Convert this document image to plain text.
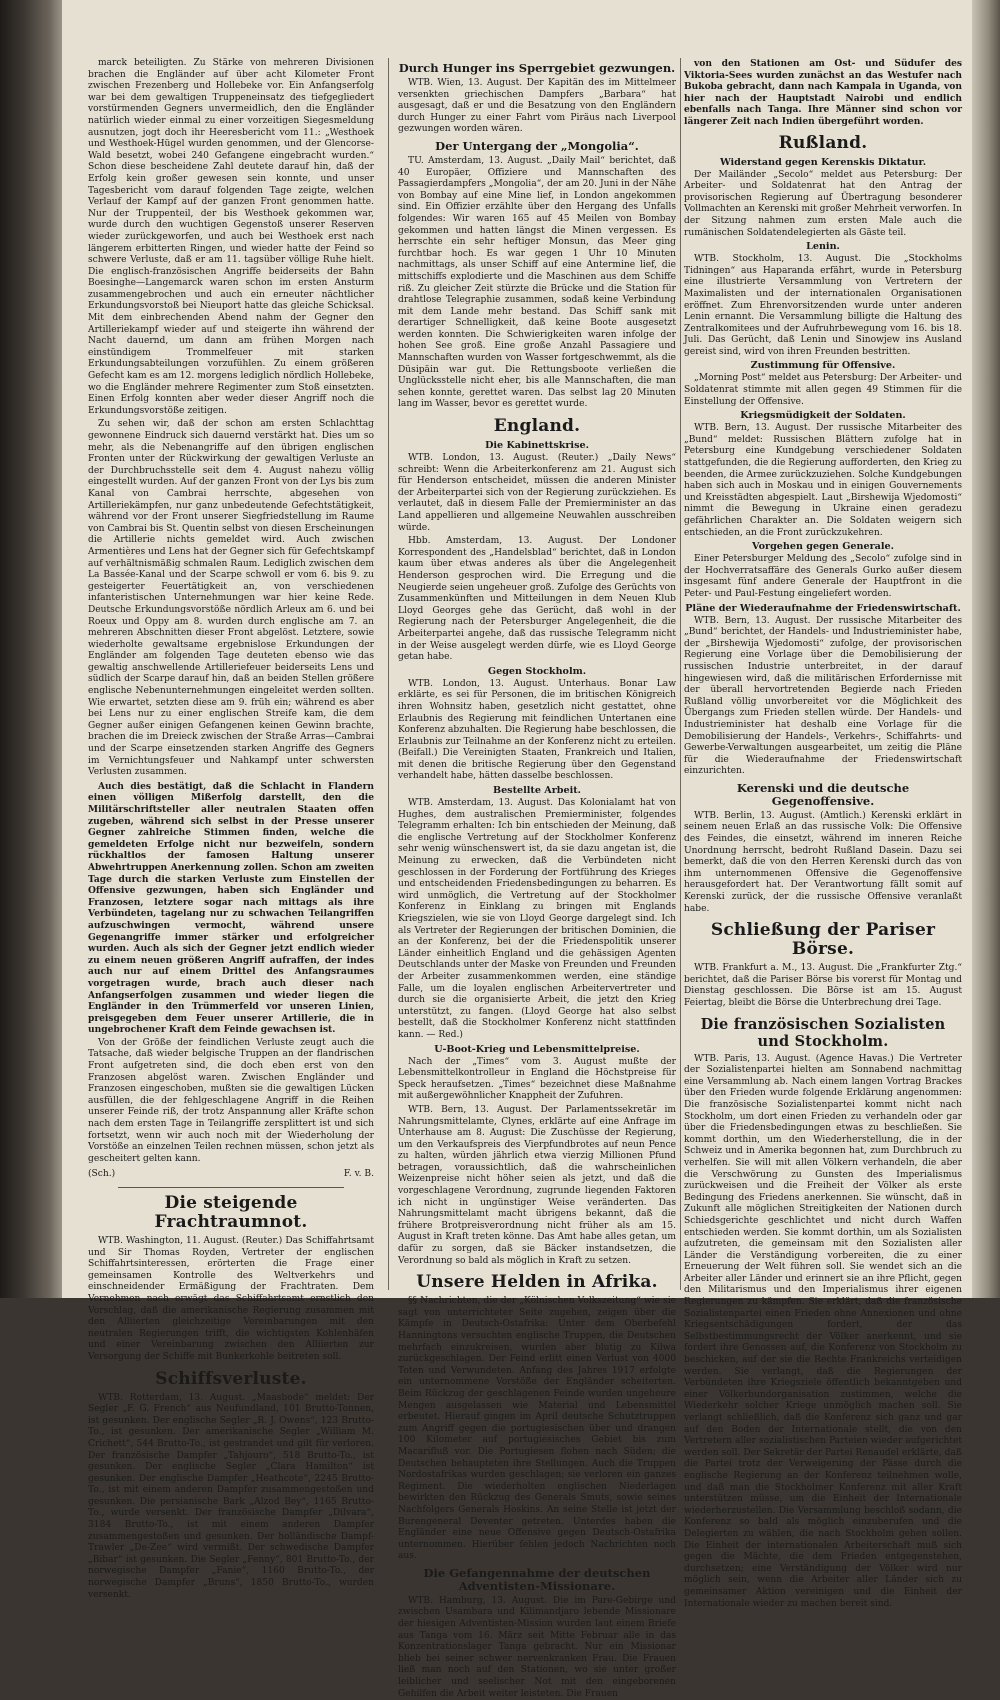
marck beteiligten. Zu Stärke von mehreren Divisionen brachen die Engländer auf über acht Kilometer Front zwischen Frezenberg und Hollebeke vor. Ein Anfangserfolg war bei dem gewaltigen Truppeneinsatz des tiefgegliedert vorstürmenden Gegners unvermeidlich, den die Engländer natürlich wieder einmal zu einer vorzeitigen Siegesmeldung ausnutzen, jogt doch ihr Heeresbericht vom 11.: „Westhoek und Westhoek-Hügel wurden genommen, und der Glencorse-Wald besetzt, wobei 240 Gefangene eingebracht wurden.“ Schon diese bescheidene Zahl deutete darauf hin, daß der Erfolg kein großer gewesen sein konnte, und unser Tagesbericht vom darauf folgenden Tage zeigte, welchen Verlauf der Kampf auf der ganzen Front genommen hatte. Nur der Truppenteil, der bis Westhoek gekommen war, wurde durch den wuchtigen Gegenstoß unserer Reserven wieder zurückgeworfen, und auch bei Westhoek erst nach längerem erbitterten Ringen, und wieder hatte der Feind so schwere Verluste, daß er am 11. tagsüber völlige Ruhe hielt. Die englisch-französischen Angriffe beiderseits der Bahn Boesinghe—Langemarck waren schon im ersten Ansturm zusammengebrochen und auch ein erneuter nächtlicher Erkundungsvorstoß bei Nieuport hatte das gleiche Schicksal. Mit dem einbrechenden Abend nahm der Gegner den Artilleriekampf wieder auf und steigerte ihn während der Nacht dauernd, um dann am frühen Morgen nach einstündigem Trommelfeuer mit starken Erkundungsabteilungen vorzufühlen. Zu einem größeren Gefecht kam es am 12. morgens lediglich nördlich Hollebeke, wo die Engländer mehrere Regimenter zum Stoß einsetzten. Einen Erfolg konnten aber weder dieser Angriff noch die Erkundungsvorstöße zeitigen.

Zu sehen wir, daß der schon am ersten Schlachttag gewonnene Eindruck sich dauernd verstärkt hat. Dies um so mehr, als die Nebenangriffe auf den übrigen englischen Fronten unter der Rückwirkung der gewaltigen Verluste an der Durchbruchsstelle seit dem 4. August nahezu völlig eingestellt wurden. Auf der ganzen Front von der Lys bis zum Kanal von Cambrai herrschte, abgesehen von Artilleriekämpfen, nur ganz unbedeutende Gefechtstätigkeit, während vor der Front unserer Siegfriedstellung im Raume von Cambrai bis St. Quentin selbst von diesen Erscheinungen die Artillerie nichts gemeldet wird. Auch zwischen Armentières und Lens hat der Gegner sich für Gefechtskampf auf verhältnismäßig schmalen Raum. Lediglich zwischen dem La Bassée-Kanal und der Scarpe schwoll er vom 6. bis 9. zu gesteigerter Feuertätigkeit an, von verschiedenen infanteristischen Unternehmungen war hier keine Rede. Deutsche Erkundungsvorstöße nördlich Arleux am 6. und bei Roeux und Oppy am 8. wurden durch englische am 7. an mehreren Abschnitten dieser Front abgelöst. Letztere, sowie wiederholte gewaltsame ergebnislose Erkundungen der Engländer am folgenden Tage deuteten ebenso wie das gewaltig anschwellende Artilleriefeuer beiderseits Lens und südlich der Scarpe darauf hin, daß an beiden Stellen größere englische Nebenunternehmungen eingeleitet werden sollten. Wie erwartet, setzten diese am 9. früh ein; während es aber bei Lens nur zu einer englischen Streife kam, die dem Gegner außer einigen Gefangenen keinen Gewinn brachte, brachen die im Dreieck zwischen der Straße Arras—Cambrai und der Scarpe einsetzenden starken Angriffe des Gegners im Vernichtungsfeuer und Nahkampf unter schwersten Verlusten zusammen.

Auch dies bestätigt, daß die Schlacht in Flandern einen völligen Mißerfolg darstellt, den die Militärschriftsteller aller neutralen Staaten offen zugeben, während sich selbst in der Presse unserer Gegner zahlreiche Stimmen finden, welche die gemeldeten Erfolge nicht nur bezweifeln, sondern rückhaltlos der famosen Haltung unserer Abwehrtruppen Anerkennung zollen. Schon am zweiten Tage durch die starken Verluste zum Einstellen der Offensive gezwungen, haben sich Engländer und Franzosen, letztere sogar nach mittags als ihre Verbündeten, tagelang nur zu schwachen Teilangriffen aufzuschwingen vermocht, während unsere Gegenangriffe immer stärker und erfolgreicher wurden. Auch als sich der Gegner jetzt endlich wieder zu einem neuen größeren Angriff aufraffen, der indes auch nur auf einem Drittel des Anfangsraumes vorgetragen wurde, brach auch dieser nach Anfangserfolgen zusammen und wieder liegen die Engländer in den Trümmerfeld vor unseren Linien, preisgegeben dem Feuer unserer Artillerie, die in ungebrochener Kraft dem Feinde gewachsen ist.

Von der Größe der feindlichen Verluste zeugt auch die Tatsache, daß wieder belgische Truppen an der flandrischen Front aufgetreten sind, die doch eben erst von den Franzosen abgelöst waren. Zwischen Engländer und Franzosen eingeschoben, mußten sie die gewaltigen Lücken ausfüllen, die der fehlgeschlagene Angriff in die Reihen unserer Feinde riß, der trotz Anspannung aller Kräfte schon nach dem ersten Tage in Teilangriffe zersplittert ist und sich fortsetzt, wenn wir auch noch mit der Wiederholung der Vorstöße an einzelnen Teilen rechnen müssen, schon jetzt als gescheitert gelten kann.

(Sch.)	F. v. B.
Die steigende Frachtraumnot.

WTB. Washington, 11. August. (Reuter.) Das Schiffahrtsamt und Sir Thomas Royden, Vertreter der englischen Schiffahrtsinteressen, erörterten die Frage einer gemeinsamen Kontrolle des Weltverkehrs und einschneidender Ermäßigung der Frachtraten. Dem Vernehmen nach erwägt das Schiffahrtsamt ernstlich den Vorschlag, daß die amerikanische Regierung zusammen mit den Alliierten gleichzeitige Vereinbarungen mit den neutralen Regierungen trifft, die wichtigsten Kohlenhäfen und einer Vereinbarung zwischen den Alliierten zur Versorgung der Schiffe mit Bunkerkohle beitreten soll.

Schiffsverluste.

WTB. Rotterdam, 13. August. „Maasbode“ meldet: Der Segler „F. G. French“ aus Neufundland, 101 Brutto-Tonnen, ist gesunken. Der englische Segler „R. J. Owens“, 123 Brutto-To., ist gesunken. Der amerikanische Segler „William M. Crichett“, 544 Brutto-To., ist gestrandet und gilt für verloren. Der französische Dampfer „Tahjouro“, 518 Brutto-To., ist gesunken. Der englische Segler „Clara Hamilton“ ist gesunken. Der englische Dampfer „Heathcote“, 2245 Brutto-To., ist mit einem anderen Dampfer zusammengestoßen und gesunken. Die persianische Bark „Alzod Bey“, 1165 Brutto-To., wurde versenkt. Der französische Dampfer „Dilvara“, 3184 Brutto-To., ist mit einem anderen Dampfer zusammengestoßen und gesunken. Der holländische Dampf-Trawler „De-Zee“ wird vermißt. Der schwedische Dampfer „Bibar“ ist gesunken. Die Segler „Fenny“, 801 Brutto-To., der norwegische Dampfer „Fanie“, 1160 Brutto-To., der norwegische Dampfer „Bruns“, 1850 Brutto-To., wurden versenkt.

Durch Hunger ins Sperrgebiet gezwungen.

WTB. Wien, 13. August. Der Kapitän des im Mittelmeer versenkten griechischen Dampfers „Barbara“ hat ausgesagt, daß er und die Besatzung von den Engländern durch Hunger zu einer Fahrt vom Piräus nach Liverpool gezwungen worden wären.

Der Untergang der „Mongolia“.

TU. Amsterdam, 13. August. „Daily Mail“ berichtet, daß 40 Europäer, Offiziere und Mannschaften des Passagierdampfers „Mongolia“, der am 20. Juni in der Nähe von Bombay auf eine Mine lief, in London angekommen sind. Ein Offizier erzählte über den Hergang des Unfalls folgendes: Wir waren 165 auf 45 Meilen von Bombay gekommen und hatten längst die Minen vergessen. Es herrschte ein sehr heftiger Monsun, das Meer ging furchtbar hoch. Es war gegen 1 Uhr 10 Minuten nachmittags, als unser Schiff auf eine Antermine lief, die mittschiffs explodierte und die Maschinen aus dem Schiffe riß. Zu gleicher Zeit stürzte die Brücke und die Station für drahtlose Telegraphie zusammen, sodaß keine Verbindung mit dem Lande mehr bestand. Das Schiff sank mit derartiger Schnelligkeit, daß keine Boote ausgesetzt werden konnten. Die Schwierigkeiten waren infolge der hohen See groß. Eine große Anzahl Passagiere und Mannschaften wurden von Wasser fortgeschwemmt, als die Düsipäin war gut. Die Rettungsboote verließen die Unglücksstelle nicht eher, bis alle Mannschaften, die man sehen konnte, gerettet waren. Das selbst lag 20 Minuten lang im Wasser, bevor es gerettet wurde.

England.
Die Kabinettskrise.

WTB. London, 13. August. (Reuter.) „Daily News“ schreibt: Wenn die Arbeiterkonferenz am 21. August sich für Henderson entscheidet, müssen die anderen Minister der Arbeiterpartei sich von der Regierung zurückziehen. Es verlautet, daß in diesem Falle der Premierminister an das Land appellieren und allgemeine Neuwahlen ausschreiben würde.

Hbb. Amsterdam, 13. August. Der Londoner Korrespondent des „Handelsblad“ berichtet, daß in London kaum über etwas anderes als über die Angelegenheit Henderson gesprochen wird. Die Erregung und die Neugierde seien ungeheuer groß. Zufolge des Gerüchts von Zusammenkünften und Mitteilungen in dem Neuen Klub Lloyd Georges gehe das Gerücht, daß wohl in der Regierung nach der Petersburger Angelegenheit, die die Arbeiterpartei angehe, daß das russische Telegramm nicht in der Weise ausgelegt werden dürfe, wie es Lloyd George getan habe.

Gegen Stockholm.

WTB. London, 13. August. Unterhaus. Bonar Law erklärte, es sei für Personen, die im britischen Königreich ihren Wohnsitz haben, gesetzlich nicht gestattet, ohne Erlaubnis des Regierung mit feindlichen Untertanen eine Konferenz abzuhalten. Die Regierung habe beschlossen, die Erlaubnis zur Teilnahme an der Konferenz nicht zu erteilen. (Beifall.) Die Vereinigten Staaten, Frankreich und Italien, mit denen die britische Regierung über den Gegenstand verhandelt habe, hätten dasselbe beschlossen.

Bestellte Arbeit.

WTB. Amsterdam, 13. August. Das Kolonialamt hat von Hughes, dem australischen Premierminister, folgendes Telegramm erhalten: Ich bin entschieden der Meinung, daß die englische Vertretung auf der Stockholmer Konferenz sehr wenig wünschenswert ist, da sie dazu angetan ist, die Meinung zu erwecken, daß die Verbündeten nicht geschlossen in der Forderung der Fortführung des Krieges und entscheidenden Friedensbedingungen zu beharren. Es wird unmöglich, die Vertretung auf der Stockholmer Konferenz in Einklang zu bringen mit Englands Kriegszielen, wie sie von Lloyd George dargelegt sind. Ich als Vertreter der Regierungen der britischen Dominien, die an der Konferenz, bei der die Friedenspolitik unserer Länder einheitlich England und die gehässigen Agenten Deutschlands unter der Maske von Freunden und Freunden der Arbeiter zusammenkommen werden, eine ständige Falle, um die loyalen englischen Arbeitervertreter und durch sie die organisierte Arbeit, die jetzt den Krieg unterstützt, zu fangen. (Lloyd George hat also selbst bestellt, daß die Stockholmer Konferenz nicht stattfinden kann. — Red.)

U-Boot-Krieg und Lebensmittelpreise.

Nach der „Times“ vom 3. August mußte der Lebensmittelkontrolleur in England die Höchstpreise für Speck heraufsetzen. „Times“ bezeichnet diese Maßnahme mit außergewöhnlicher Knappheit der Zufuhren.

WTB. Bern, 13. August. Der Parlamentssekretär im Nahrungsmittelamte, Clynes, erklärte auf eine Anfrage im Unterhause am 8. August: Die Zuschüsse der Regierung, um den Verkaufspreis des Vierpfundbrotes auf neun Pence zu halten, würden jährlich etwa vierzig Millionen Pfund betragen, voraussichtlich, daß die wahrscheinlichen Weizenpreise nicht höher seien als jetzt, und daß die vorgeschlagene Verordnung, zugrunde liegenden Faktoren ich nicht in ungünstiger Weise veränderten. Das Nahrungsmittelamt macht übrigens bekannt, daß die frühere Brotpreisverordnung nicht früher als am 15. August in Kraft treten könne. Das Amt habe alles getan, um dafür zu sorgen, daß sie Bäcker instandsetzen, die Verordnung so bald als möglich in Kraft zu setzen.

Unsere Helden in Afrika.

§§ Nachrichten, die der „Kölnischen Volkszeitung“ wie sie sagt von unterrichteter Seite zugehen, zeigen über die Kämpfe in Deutsch-Ostafrika: Unter dem Oberbefehl Hanningtons versuchten englische Truppen, die Deutschen mehrfach einzukreisen, wurden aber blutig zu Kilwa zurückgeschlagen. Der Feind erlitt einen Verlust von 4000 Toten und Verwundeten. Anfang des Jahres 1917 erfolgte ein unternommene Vorstöße der Engländer scheiterten. Beim Rückzug der geschlagenen Feinde wurden ungeheure Mengen ausgelassen wie Material und Lebensmittel erbeutet. Hierauf gingen im April deutsche Schutztruppen zum Angriff gegen die portugiesischen über und drangen 100 Kilometer auf portugiesisches Gebiet bis zum Macarifluß vor. Die Portugiesen flohen nach Süden; die Deutschen behaupteten ihre Stellungen. Auch die Truppen Nordostafrikas wurden geschlagen; sie verloren ein ganzes Regiment. Die wiederholten englischen Niederlagen bewirkten den Rückzug des Generals Smuts, sowie seines Nachfolgers Generals Hoskins. An seine Stelle ist jetzt der Burengeneral Deventer getreten. Unterdes haben die Engländer eine neue Offensive gegen Deutsch-Ostafrika unternommen. Hierüber fehlen jedoch Nachrichten noch aus.

Die Gefangennahme der deutschen Adventisten-Missionare.

WTB. Hamburg, 13. August. Die im Pare-Gebirge und zwischen Usambara und Kilimandjaro lebende Missionare der hiesigen Adventisten-Mission wurden laut einem Briefe aus Tanga vom 16. März seit Mitte Februar alle in das Konzentrationslager Tanga gebracht. Nur ein Missionar blieb bei seiner schwer nervenkranken Frau. Die Frauen ließ man noch auf den Stationen, wo sie unter großer leiblicher und seelischer Not mit den eingeborenen Gehilfen die Arbeit weiter leisteten. Die Frauen

von den Stationen am Ost- und Südufer des Viktoria-Sees wurden zunächst an das Westufer nach Bukoba gebracht, dann nach Kampala in Uganda, von hier nach der Hauptstadt Nairobi und endlich ebenfalls nach Tanga. Ihre Männer sind schon vor längerer Zeit nach Indien übergeführt worden.

Rußland.
Widerstand gegen Kerenskis Diktatur.

Der Mailänder „Secolo“ meldet aus Petersburg: Der Arbeiter- und Soldatenrat hat den Antrag der provisorischen Regierung auf Übertragung besonderer Vollmachten an Kerenski mit großer Mehrheit verworfen. In der Sitzung nahmen zum ersten Male auch die rumänischen Soldatendelegierten als Gäste teil.

Lenin.

WTB. Stockholm, 13. August. Die „Stockholms Tidningen“ aus Haparanda erfährt, wurde in Petersburg eine illustrierte Versammlung von Vertretern der Maximalisten und der internationalen Organisationen eröffnet. Zum Ehrenvorsitzenden wurde unter anderen Lenin ernannt. Die Versammlung billigte die Haltung des Zentralkomitees und der Aufruhrbewegung vom 16. bis 18. Juli. Das Gerücht, daß Lenin und Sinowjew ins Ausland gereist sind, wird von ihren Freunden bestritten.

Zustimmung für Offensive.

„Morning Post“ meldet aus Petersburg: Der Arbeiter- und Soldatenrat stimmte mit allen gegen 49 Stimmen für die Einstellung der Offensive.

Kriegsmüdigkeit der Soldaten.

WTB. Bern, 13. August. Der russische Mitarbeiter des „Bund“ meldet: Russischen Blättern zufolge hat in Petersburg eine Kundgebung verschiedener Soldaten stattgefunden, die die Regierung aufforderten, den Krieg zu beenden, die Armee zurückzuziehen. Solche Kundgebungen haben sich auch in Moskau und in einigen Gouvernements und Kreisstädten abgespielt. Laut „Birshewija Wjedomosti“ nimmt die Bewegung in Ukraine einen geradezu gefährlichen Charakter an. Die Soldaten weigern sich entschieden, an die Front zurückzukehren.

Vorgehen gegen Generale.

Einer Petersburger Meldung des „Secolo“ zufolge sind in der Hochverratsaffäre des Generals Gurko außer diesem insgesamt fünf andere Generale der Hauptfront in die Peter- und Paul-Festung eingeliefert worden.

Pläne der Wiederaufnahme der Friedenswirtschaft.

WTB. Bern, 13. August. Der russische Mitarbeiter des „Bund“ berichtet, der Handels- und Industrieminister habe, der „Birshewija Wjedomosti“ zufolge, der provisorischen Regierung eine Vorlage über die Demobilisierung der russischen Industrie unterbreitet, in der darauf hingewiesen wird, daß die militärischen Erfordernisse mit der überall hervortretenden Begierde nach Frieden Rußland völlig unvorbereitet vor die Möglichkeit des Übergangs zum Frieden stellen würde. Der Handels- und Industrieminister hat deshalb eine Vorlage für die Demobilisierung der Handels-, Verkehrs-, Schiffahrts- und Gewerbe-Verwaltungen ausgearbeitet, um zeitig die Pläne für die Wiederaufnahme der Friedenswirtschaft einzurichten.

Kerenski und die deutsche Gegenoffensive.

WTB. Berlin, 13. August. (Amtlich.) Kerenski erklärt in seinem neuen Erlaß an das russische Volk: Die Offensive des Feindes, die einsetzt, während im inneren Reiche Unordnung herrscht, bedroht Rußland Dasein. Dazu sei bemerkt, daß die von den Herren Kerenski durch das von ihm unternommenen Offensive die Gegenoffensive herausgefordert hat. Der Verantwortung fällt somit auf Kerenski zurück, der die russische Offensive veranlaßt habe.

Schließung der Pariser Börse.

WTB. Frankfurt a. M., 13. August. Die „Frankfurter Ztg.“ berichtet, daß die Pariser Börse bis vorerst für Montag und Dienstag geschlossen. Die Börse ist am 15. August Feiertag, bleibt die Börse die Unterbrechung drei Tage.

Die französischen Sozialisten und Stockholm.

WTB. Paris, 13. August. (Agence Havas.) Die Vertreter der Sozialistenpartei hielten am Sonnabend nachmittag eine Versammlung ab. Nach einem langen Vortrag Brackes über den Frieden wurde folgende Erklärung angenommen: Die französische Sozialistenpartei kommt nicht nach Stockholm, um dort einen Frieden zu verhandeln oder gar über die Friedensbedingungen etwas zu beschließen. Sie kommt dorthin, um den Wiederherstellung, die in der Schweiz und in Amerika begonnen hat, zum Durchbruch zu verhelfen. Sie will mit allen Völkern verhandeln, die aber die Verschwörung zu Gunsten des Imperialismus zurückweisen und die Freiheit der Völker als erste Bedingung des Friedens anerkennen. Sie wünscht, daß in Zukunft alle möglichen Streitigkeiten der Nationen durch Schiedsgerichte geschlichtet und nicht durch Waffen entschieden werden. Sie kommt dorthin, um als Sozialisten aufzutreten, die gemeinsam mit den Sozialisten aller Länder die Verständigung vorbereiten, die zu einer Erneuerung der Welt führen soll. Sie wendet sich an die Arbeiter aller Länder und erinnert sie an ihre Pflicht, gegen den Militarismus und den Imperialismus ihrer eigenen Regierungen zu kämpfen. Sie erklärt, daß die französische Sozialistenpartei einen Frieden ohne Annexionen und ohne Kriegsentschädigungen fordert, der das Selbstbestimmungsrecht der Völker anerkennt, und sie fordert ihre Genossen auf, die Konferenz von Stockholm zu beschicken, auf der sie die Rechte Frankreichs verteidigen werden. Sie verlangt, daß die Regierungen der Verbündeten ihre Kriegsziele öffentlich bekanntgeben und einer Völkerbundorganisation zustimmen, welche die Wiederkehr solcher Kriege unmöglich machen soll. Sie verlangt schließlich, daß die Konferenz sich ganz und gar auf den Boden der Internationale stellt, die von den Vertretern aller sozialistischen Parteien wieder aufgerichtet werden soll. Der Sekretär der Partei Renaudel erklärte, daß die Partei trotz der Verweigerung der Pässe durch die englische Regierung an der Konferenz teilnehmen wolle, und daß man die Stockholmer Konferenz mit aller Kraft unterstützen müsse, um die Einheit der Internationale wiederherzustellen. Die Versammlung beschloß sodann, die Konferenz so bald als möglich einzuberufen und die Delegierten zu wählen, die nach Stockholm gehen sollen. Die Einheit der internationalen Arbeiterschaft muß sich gegen die Mächte, die dem Frieden entgegenstehen, durchsetzen; eine Verständigung der Völker wird nur möglich sein, wenn die Arbeiter aller Länder sich zu gemeinsamer Aktion vereinigen und die Einheit der Internationale wieder zu machen bereit sind.
